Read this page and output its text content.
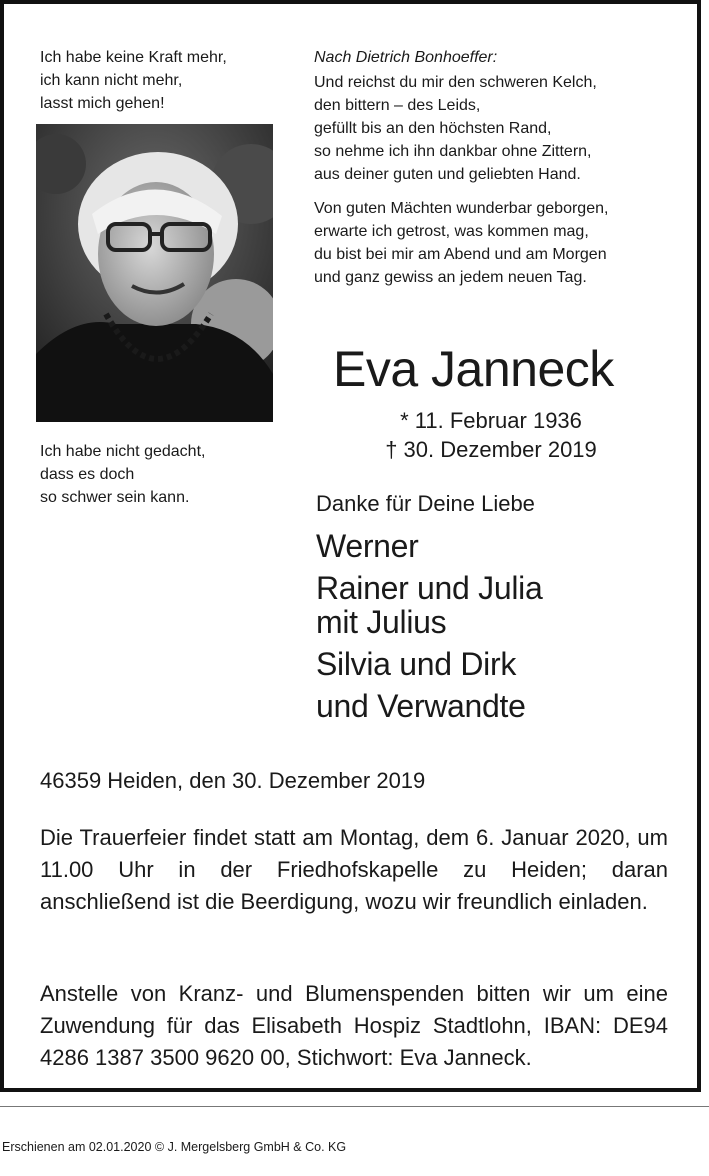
Ich habe keine Kraft mehr,
ich kann nicht mehr,
lasst mich gehen!
Ich habe nicht gedacht,
dass es doch
so schwer sein kann.
Nach Dietrich Bonhoeffer:
Und reichst du mir den schweren Kelch,
den bittern – des Leids,
gefüllt bis an den höchsten Rand,
so nehme ich ihn dankbar ohne Zittern,
aus deiner guten und geliebten Hand.
Von guten Mächten wunderbar geborgen,
erwarte ich getrost, was kommen mag,
du bist bei mir am Abend und am Morgen
und ganz gewiss an jedem neuen Tag.
Eva Janneck
* 11. Februar 1936
† 30. Dezember 2019
Danke für Deine Liebe
Werner
Rainer und Julia
mit Julius
Silvia und Dirk
und Verwandte
46359 Heiden, den 30. Dezember 2019
Die Trauerfeier findet statt am Montag, dem 6. Januar 2020, um 11.00 Uhr in der Friedhofskapelle zu Heiden; daran anschließend ist die Beerdigung, wozu wir freundlich einladen.
Anstelle von Kranz- und Blumenspenden bitten wir um eine Zuwendung für das Elisabeth Hospiz Stadtlohn, IBAN: DE94 4286 1387 3500 9620 00, Stichwort: Eva Janneck.
Erschienen am 02.01.2020 © J. Mergelsberg GmbH & Co. KG
